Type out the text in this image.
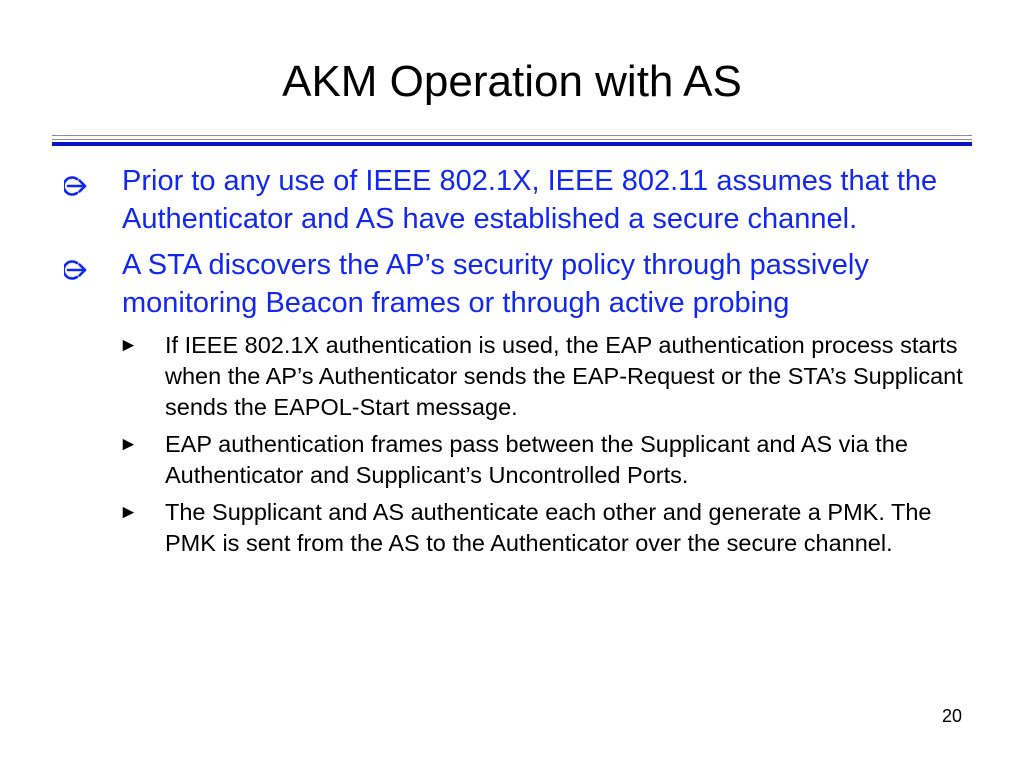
AKM Operation with AS
Prior to any use of IEEE 802.1X, IEEE 802.11 assumes that the Authenticator and AS have established a secure channel.
A STA discovers the AP’s security policy through passively monitoring Beacon frames or through active probing
► If IEEE 802.1X authentication is used, the EAP authentication process starts when the AP’s Authenticator sends the EAP-Request or the STA’s Supplicant sends the EAPOL-Start message.
► EAP authentication frames pass between the Supplicant and AS via the Authenticator and Supplicant’s Uncontrolled Ports.
► The Supplicant and AS authenticate each other and generate a PMK. The PMK is sent from the AS to the Authenticator over the secure channel.
20
